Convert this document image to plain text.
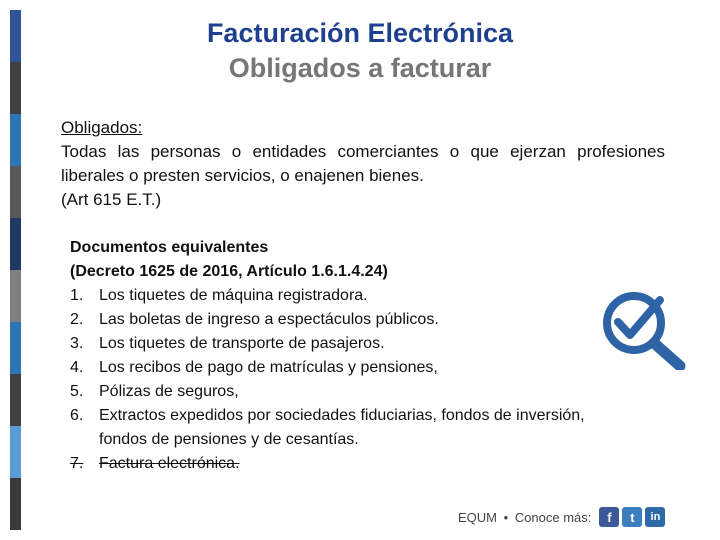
Facturación Electrónica
Obligados a facturar
Obligados:
Todas las personas o entidades comerciantes o que ejerzan profesiones liberales o presten servicios, o enajenen bienes.
(Art 615 E.T.)
Documentos equivalentes
(Decreto 1625 de 2016, Artículo 1.6.1.4.24)
1. Los tiquetes de máquina registradora.
2. Las boletas de ingreso a espectáculos públicos.
3. Los tiquetes de transporte de pasajeros.
4. Los recibos de pago de matrículas y pensiones,
5. Pólizas de seguros,
6. Extractos expedidos por sociedades fiduciarias, fondos de inversión, fondos de pensiones y de cesantías.
7. Factura electrónica.
EQUM • Conoce más:	f	t	in
